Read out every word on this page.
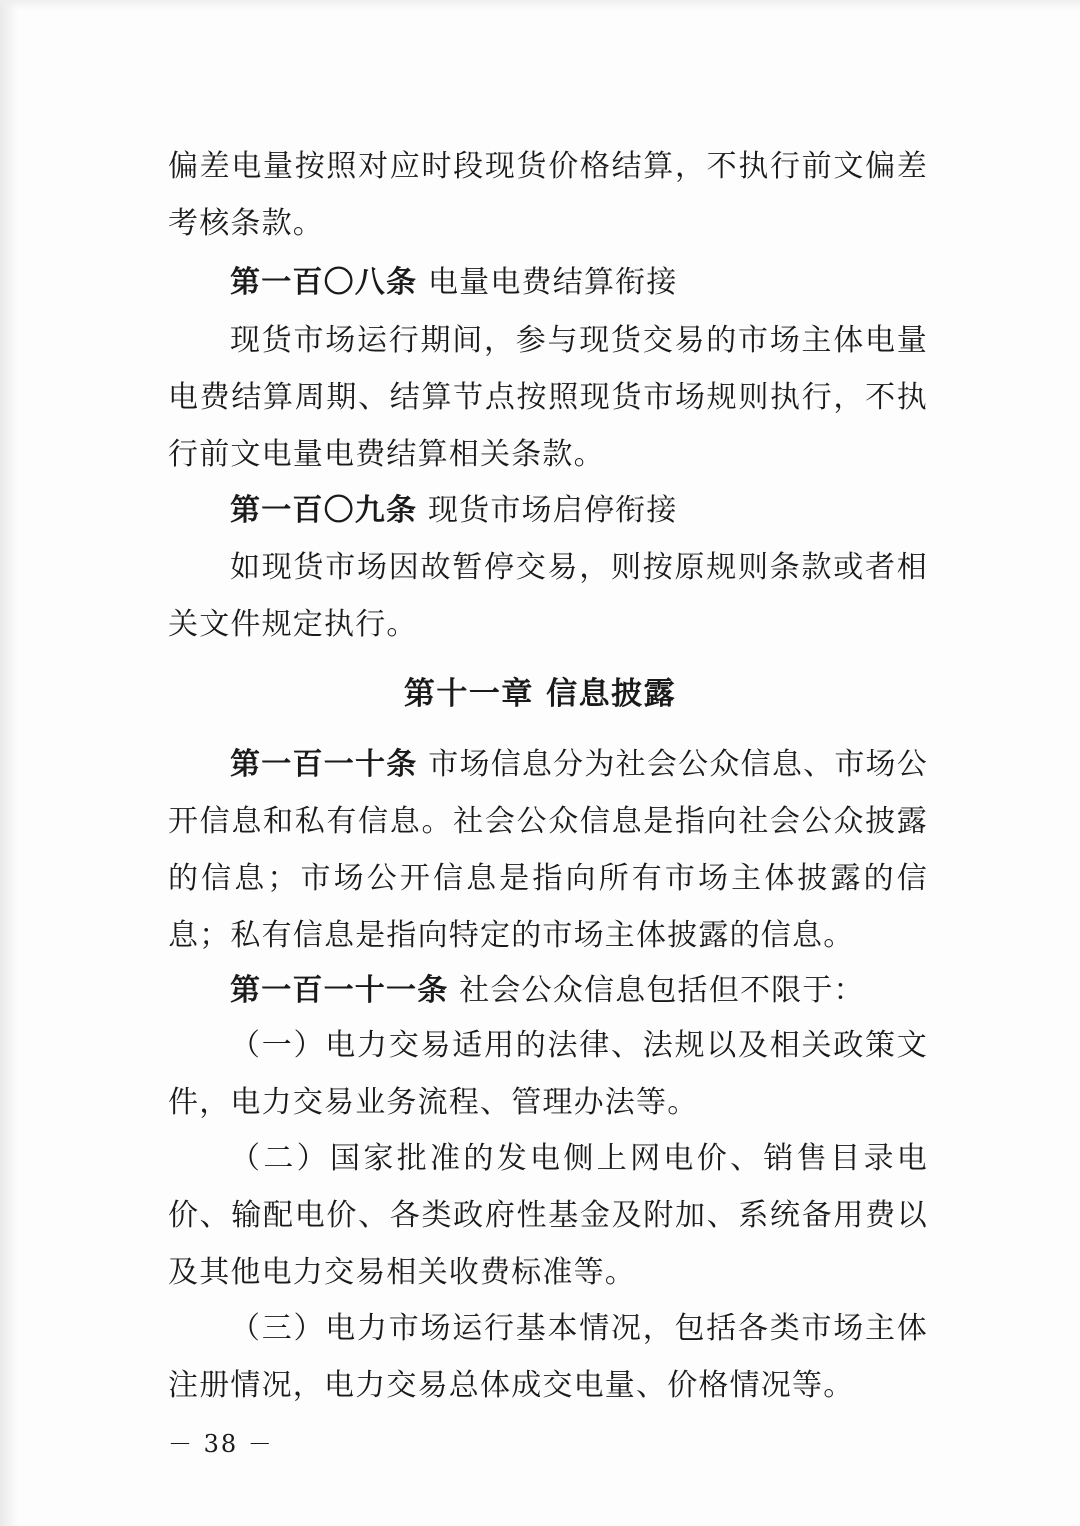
偏差电量按照对应时段现货价格结算，不执行前文偏差考核条款。

第一百〇八条 电量电费结算衔接

现货市场运行期间，参与现货交易的市场主体电量电费结算周期、结算节点按照现货市场规则执行，不执行前文电量电费结算相关条款。

第一百〇九条 现货市场启停衔接

如现货市场因故暂停交易，则按原规则条款或者相关文件规定执行。

第十一章 信息披露

第一百一十条 市场信息分为社会公众信息、市场公开信息和私有信息。社会公众信息是指向社会公众披露的信息；市场公开信息是指向所有市场主体披露的信息；私有信息是指向特定的市场主体披露的信息。

第一百一十一条 社会公众信息包括但不限于：

（一）电力交易适用的法律、法规以及相关政策文件，电力交易业务流程、管理办法等。

（二）国家批准的发电侧上网电价、销售目录电价、输配电价、各类政府性基金及附加、系统备用费以及其他电力交易相关收费标准等。

（三）电力市场运行基本情况，包括各类市场主体注册情况，电力交易总体成交电量、价格情况等。

－ 38 －
